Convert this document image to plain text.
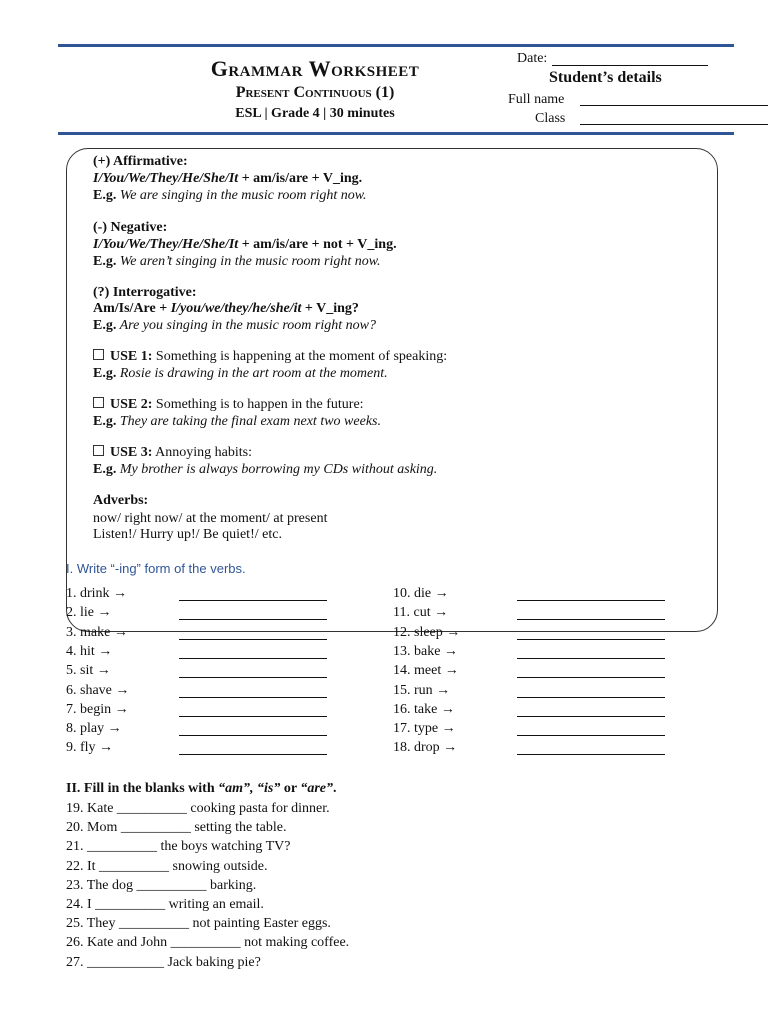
Grammar Worksheet
Present Continuous (1)
ESL | Grade 4 | 30 minutes
Date:
Student’s details
Full name
Class
(+) Affirmative:
I/You/We/They/He/She/It + am/is/are + V_ing.
E.g. We are singing in the music room right now.
(-) Negative:
I/You/We/They/He/She/It + am/is/are + not + V_ing.
E.g. We aren’t singing in the music room right now.
(?) Interrogative:
Am/Is/Are + I/you/we/they/he/she/it + V_ing?
E.g. Are you singing in the music room right now?
USE 1: Something is happening at the moment of speaking:
E.g. Rosie is drawing in the art room at the moment.
USE 2: Something is to happen in the future:
E.g. They are taking the final exam next two weeks.
USE 3: Annoying habits:
E.g. My brother is always borrowing my CDs without asking.
Adverbs:
now/ right now/ at the moment/ at present
Listen!/ Hurry up!/ Be quiet!/ etc.
I. Write “-ing” form of the verbs.
1. drink →
2. lie →
3. make →
4. hit →
5. sit →
6. shave →
7. begin →
8. play →
9. fly →
10. die →
11. cut →
12. sleep →
13. bake →
14. meet →
15. run →
16. take →
17. type →
18. drop →
II. Fill in the blanks with “am”, “is” or “are”.
19. Kate __________ cooking pasta for dinner.
20. Mom __________ setting the table.
21. __________ the boys watching TV?
22. It __________ snowing outside.
23. The dog __________ barking.
24. I __________ writing an email.
25. They __________ not painting Easter eggs.
26. Kate and John __________ not making coffee.
27. ___________ Jack baking pie?
